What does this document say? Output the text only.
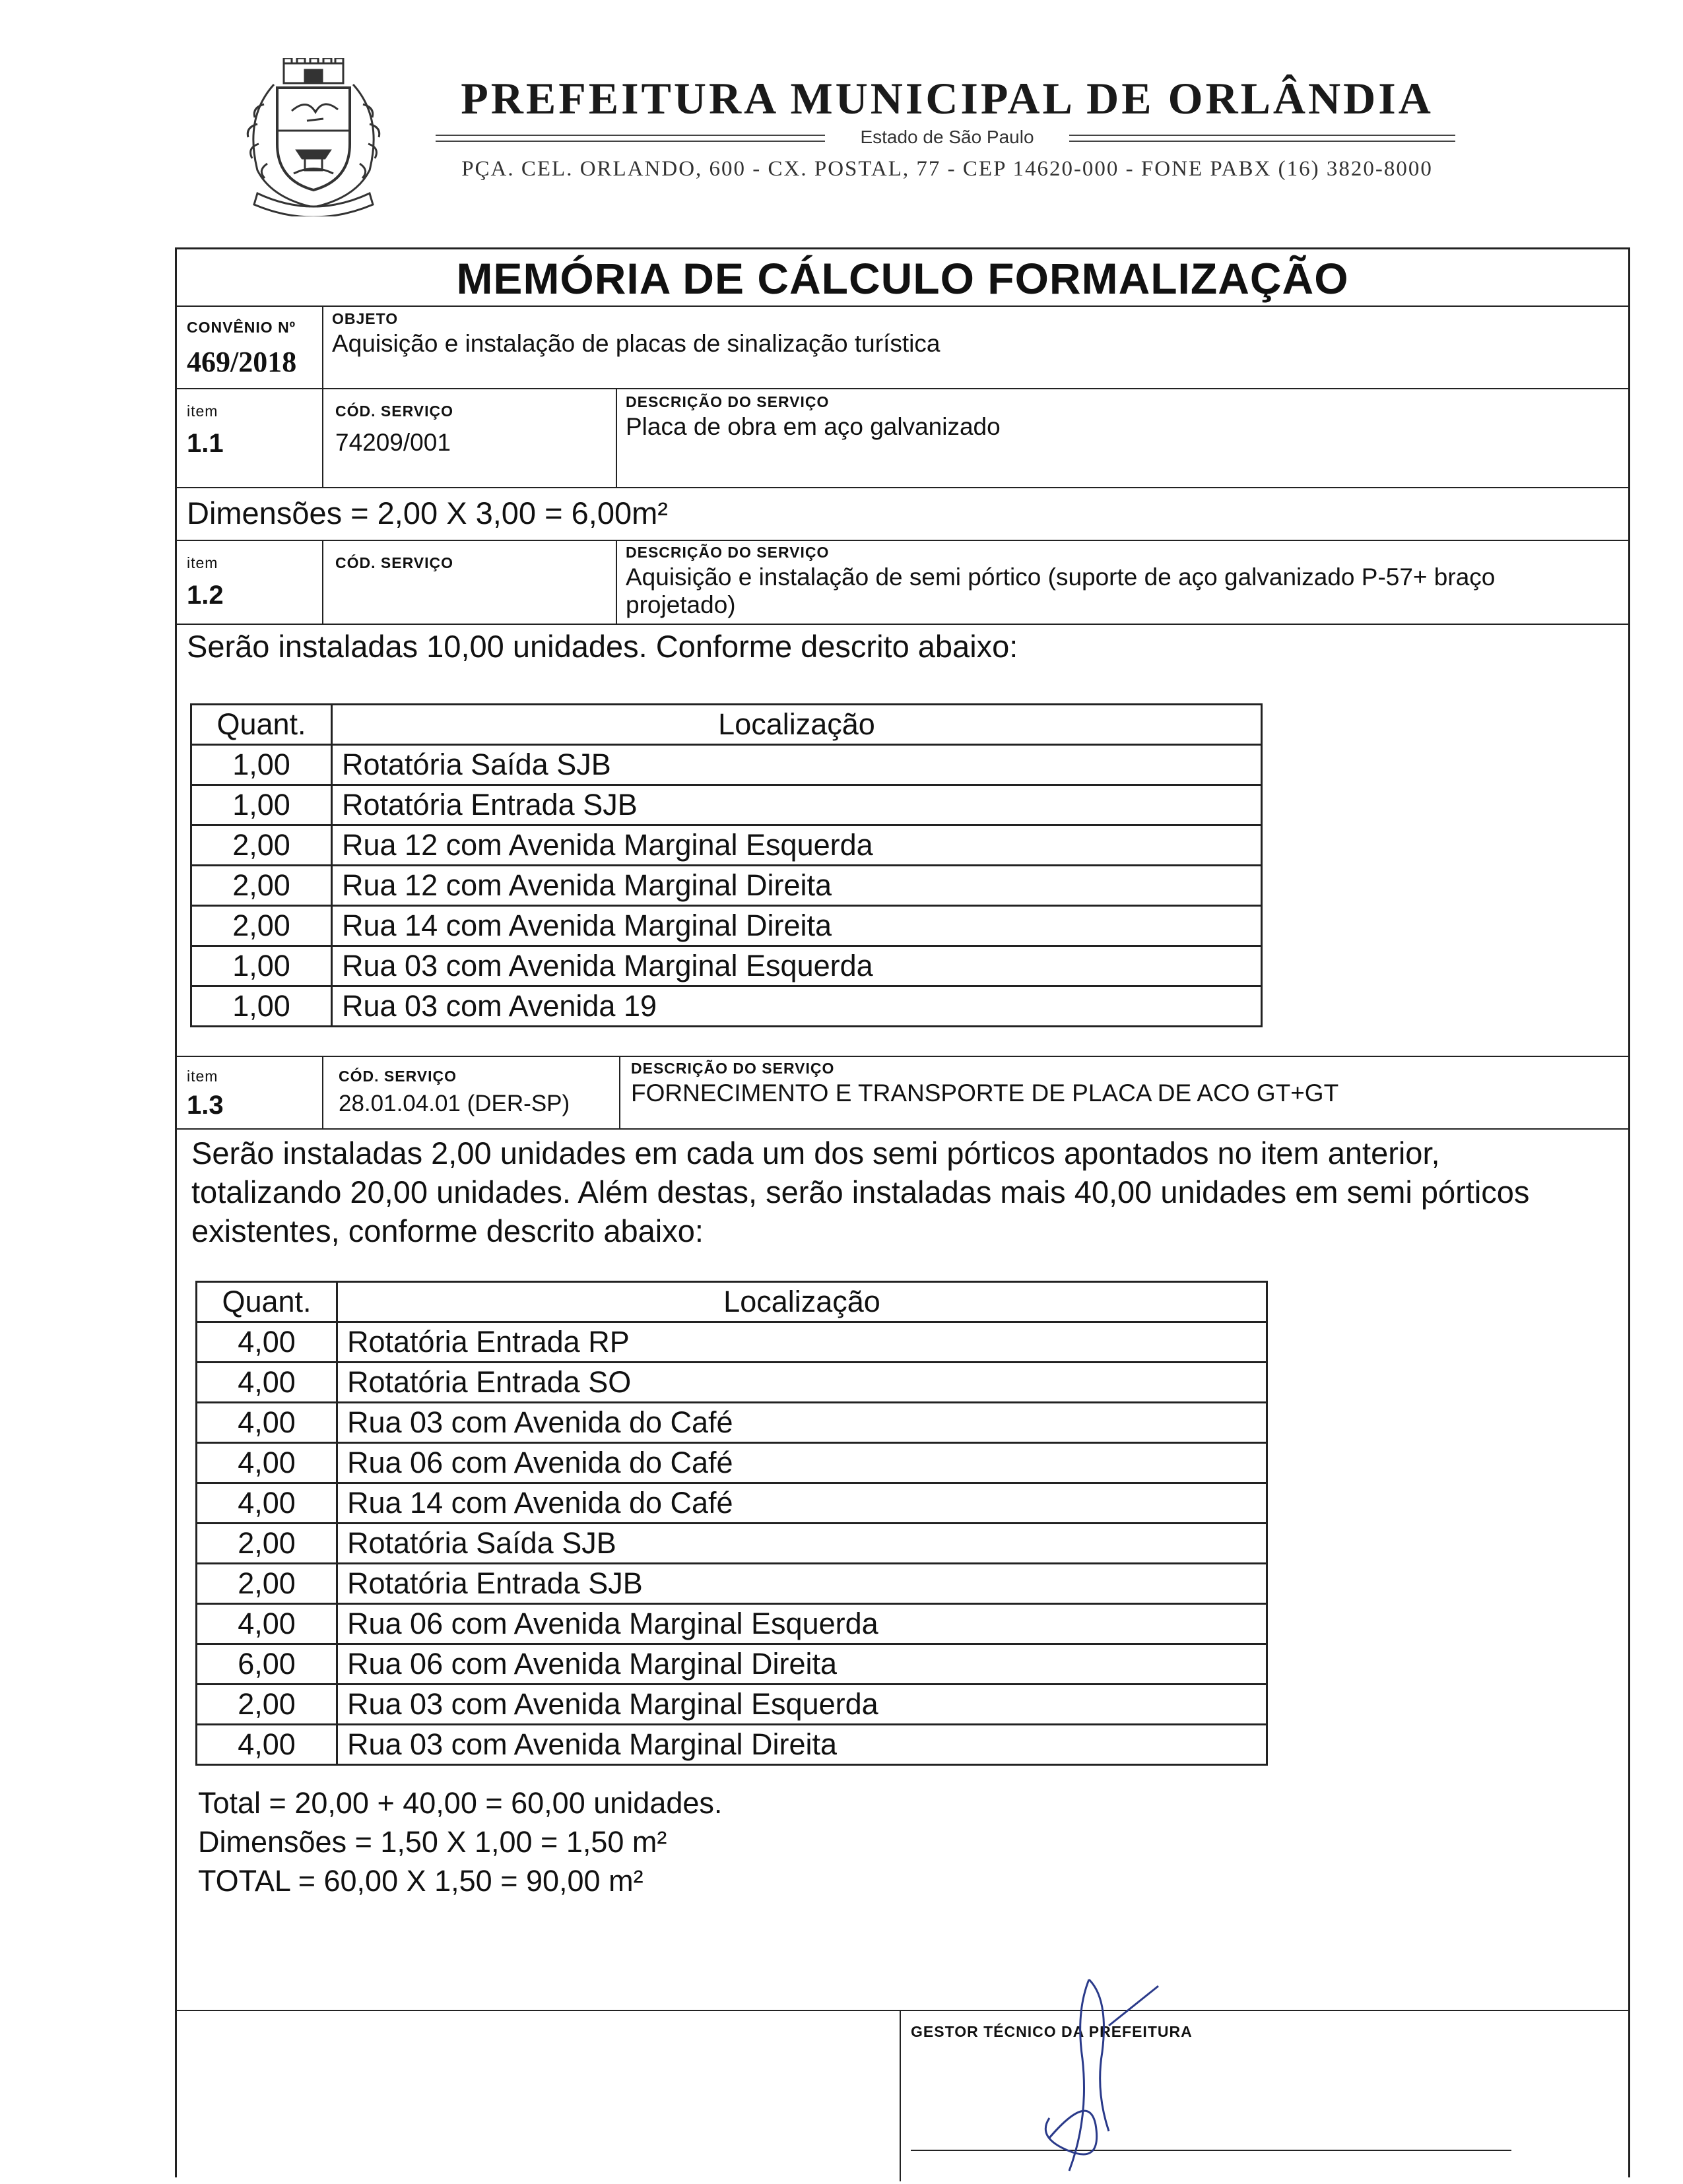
PREFEITURA MUNICIPAL DE ORLÂNDIA
Estado de São Paulo
PÇA. CEL. ORLANDO, 600 - CX. POSTAL, 77 - CEP 14620-000 - FONE PABX (16) 3820-8000
MEMÓRIA DE CÁLCULO FORMALIZAÇÃO
CONVÊNIO Nº
469/2018
OBJETO
Aquisição e instalação de placas de sinalização turística
item
1.1
CÓD. SERVIÇO
74209/001
DESCRIÇÃO DO SERVIÇO
Placa de obra em aço galvanizado
Dimensões = 2,00 X 3,00 = 6,00m²
item
1.2
CÓD. SERVIÇO
DESCRIÇÃO DO SERVIÇO
Aquisição e instalação de semi pórtico (suporte de aço galvanizado P-57+ braço
projetado)
Serão instaladas 10,00 unidades. Conforme descrito abaixo:
Quant.	Localização
1,00	Rotatória Saída SJB
1,00	Rotatória Entrada SJB
2,00	Rua 12 com Avenida Marginal Esquerda
2,00	Rua 12 com Avenida Marginal Direita
2,00	Rua 14 com Avenida Marginal Direita
1,00	Rua 03 com Avenida Marginal Esquerda
1,00	Rua 03 com Avenida 19
item
1.3
CÓD. SERVIÇO
28.01.04.01 (DER-SP)
DESCRIÇÃO DO SERVIÇO
FORNECIMENTO E TRANSPORTE DE PLACA DE ACO GT+GT
Serão instaladas 2,00 unidades em cada um dos semi pórticos apontados no item anterior,
totalizando 20,00 unidades. Além destas, serão instaladas mais 40,00 unidades em semi pórticos
existentes, conforme descrito abaixo:
Quant.	Localização
4,00	Rotatória Entrada RP
4,00	Rotatória Entrada SO
4,00	Rua 03 com Avenida do Café
4,00	Rua 06 com Avenida do Café
4,00	Rua 14 com Avenida do Café
2,00	Rotatória Saída SJB
2,00	Rotatória Entrada SJB
4,00	Rua 06 com Avenida Marginal Esquerda
6,00	Rua 06 com Avenida Marginal Direita
2,00	Rua 03 com Avenida Marginal Esquerda
4,00	Rua 03 com Avenida Marginal Direita
Total = 20,00 + 40,00 = 60,00 unidades.
Dimensões = 1,50 X 1,00 = 1,50 m²
TOTAL = 60,00 X 1,50 = 90,00 m²
GESTOR TÉCNICO DA PREFEITURA
